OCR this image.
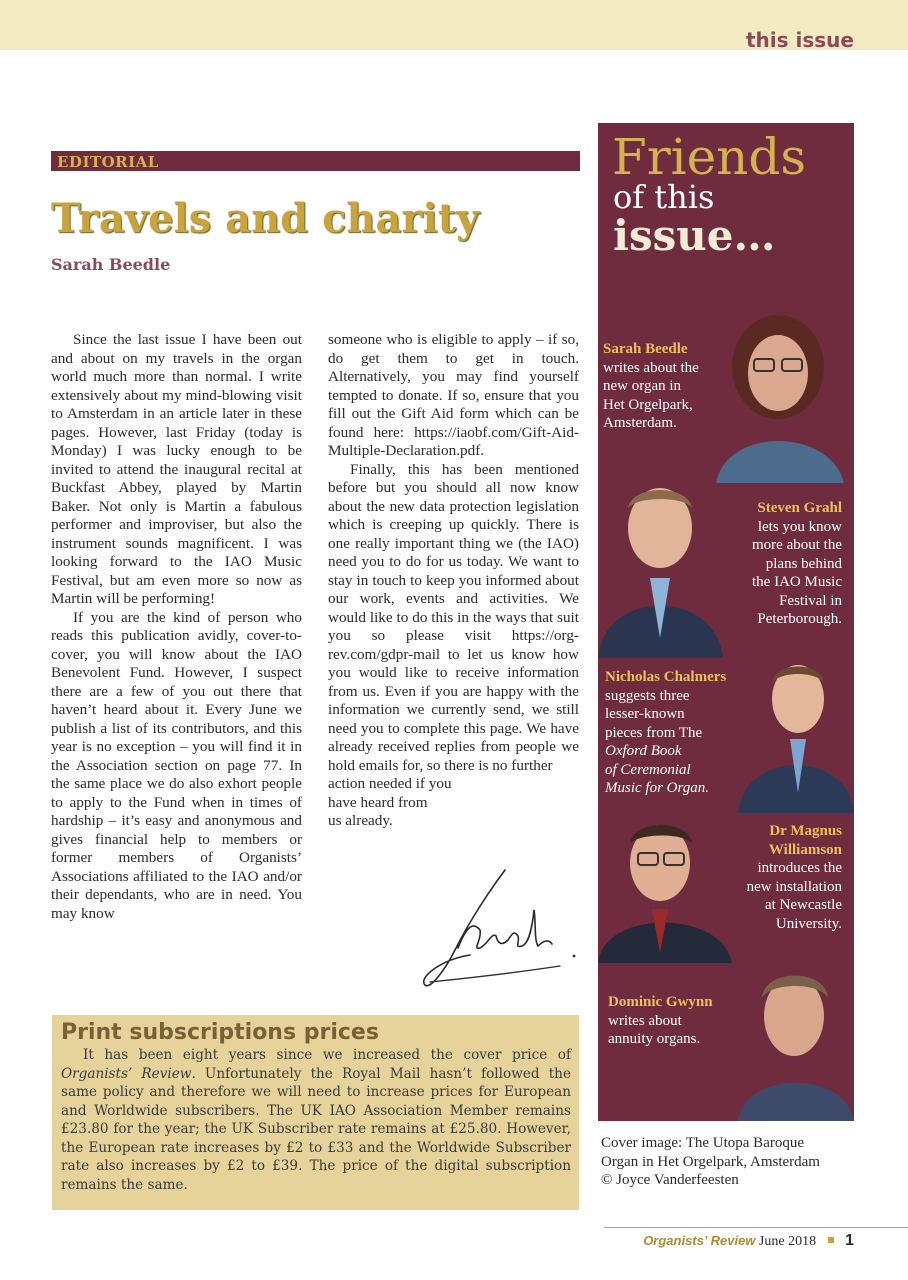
this issue
EDITORIAL
Travels and charity
Sarah Beedle

Since the last issue I have been out and about on my travels in the organ world much more than normal. I write extensively about my mind-blowing visit to Amsterdam in an article later in these pages. However, last Friday (today is Monday) I was lucky enough to be invited to attend the inaugural recital at Buckfast Abbey, played by Martin Baker. Not only is Martin a fabulous performer and improviser, but also the instrument sounds magnificent. I was looking forward to the IAO Music Festival, but am even more so now as Martin will be performing!

If you are the kind of person who reads this publication avidly, cover-to-cover, you will know about the IAO Benevolent Fund. However, I suspect there are a few of you out there that haven’t heard about it. Every June we publish a list of its contributors, and this year is no exception – you will find it in the Association section on page 77. In the same place we do also exhort people to apply to the Fund when in times of hardship – it’s easy and anonymous and gives financial help to members or former members of Organists’ Associations affiliated to the IAO and/or their dependants, who are in need. You may know

someone who is eligible to apply – if so, do get them to get in touch. Alternatively, you may find yourself tempted to donate. If so, ensure that you fill out the Gift Aid form which can be found here: https://iaobf.com/Gift-Aid-Multiple-Declaration.pdf.

Finally, this has been mentioned before but you should all now know about the new data protection legislation which is creeping up quickly. There is one really important thing we (the IAO) need you to do for us today. We want to stay in touch to keep you informed about our work, events and activities. We would like to do this in the ways that suit you so please visit https://org-rev.com/gdpr-mail to let us know how you would like to receive information from us. Even if you are happy with the information we currently send, we still need you to complete this page. We have already received replies from people we hold emails for, so there is no further

action needed if you
have heard from
us already.
Print subscriptions prices

It has been eight years since we increased the cover price of Organists’ Review. Unfortunately the Royal Mail hasn’t followed the same policy and therefore we will need to increase prices for European and Worldwide subscribers. The UK IAO Association Member remains £23.80 for the year; the UK Subscriber rate remains at £25.80. However, the European rate increases by £2 to £33 and the Worldwide Subscriber rate also increases by £2 to £39. The price of the digital subscription remains the same.

Friends
of this
issue…
Sarah Beedle
writes about the
new organ in
Het Orgelpark,
Amsterdam.
Steven Grahl
lets you know
more about the
plans behind
the IAO Music
Festival in
Peterborough.
Nicholas Chalmers
suggests three
lesser-known
pieces from The
Oxford Book
of Ceremonial
Music for Organ.
Dr Magnus
Williamson
introduces the
new installation
at Newcastle
University.
Dominic Gwynn
writes about
annuity organs.
Cover image: The Utopa Baroque
Organ in Het Orgelpark, Amsterdam
© Joyce Vanderfeesten
Organists’ Review June 2018 1
